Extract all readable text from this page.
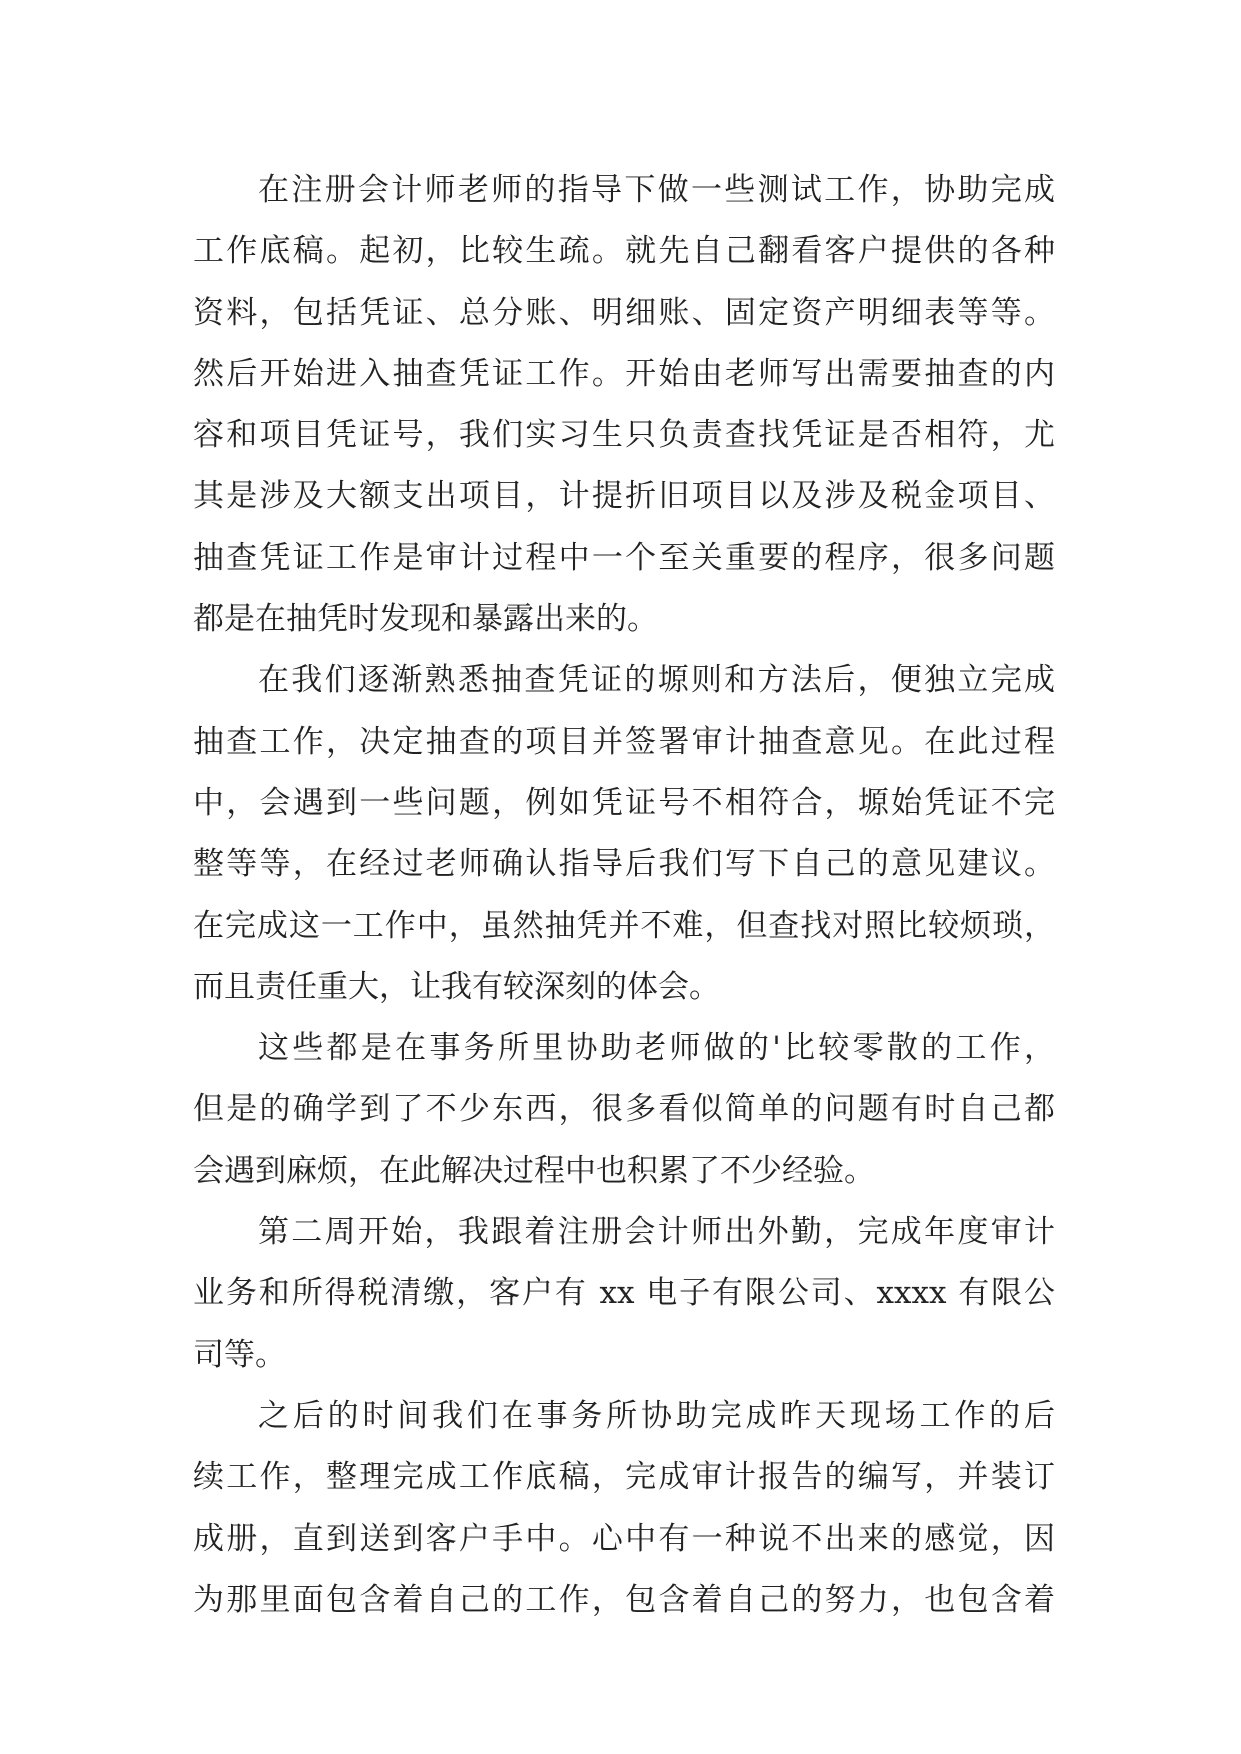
在注册会计师老师的指导下做一些测试工作，协助完成
工作底稿。起初，比较生疏。就先自己翻看客户提供的各种
资料，包括凭证、总分账、明细账、固定资产明细表等等。
然后开始进入抽查凭证工作。开始由老师写出需要抽查的内
容和项目凭证号，我们实习生只负责查找凭证是否相符，尤
其是涉及大额支出项目，计提折旧项目以及涉及税金项目、
抽查凭证工作是审计过程中一个至关重要的程序，很多问题
都是在抽凭时发现和暴露出来的。
在我们逐渐熟悉抽查凭证的塬则和方法后，便独立完成
抽查工作，决定抽查的项目并签署审计抽查意见。在此过程
中，会遇到一些问题，例如凭证号不相符合，塬始凭证不完
整等等，在经过老师确认指导后我们写下自己的意见建议。
在完成这一工作中，虽然抽凭并不难，但查找对照比较烦琐，
而且责任重大，让我有较深刻的体会。
这些都是在事务所里协助老师做的'比较零散的工作，
但是的确学到了不少东西，很多看似简单的问题有时自己都
会遇到麻烦，在此解决过程中也积累了不少经验。
第二周开始，我跟着注册会计师出外勤，完成年度审计
业务和所得税清缴，客户有 xx 电子有限公司、xxxx 有限公
司等。
之后的时间我们在事务所协助完成昨天现场工作的后
续工作，整理完成工作底稿，完成审计报告的编写，并装订
成册，直到送到客户手中。心中有一种说不出来的感觉，因
为那里面包含着自己的工作，包含着自己的努力，也包含着
